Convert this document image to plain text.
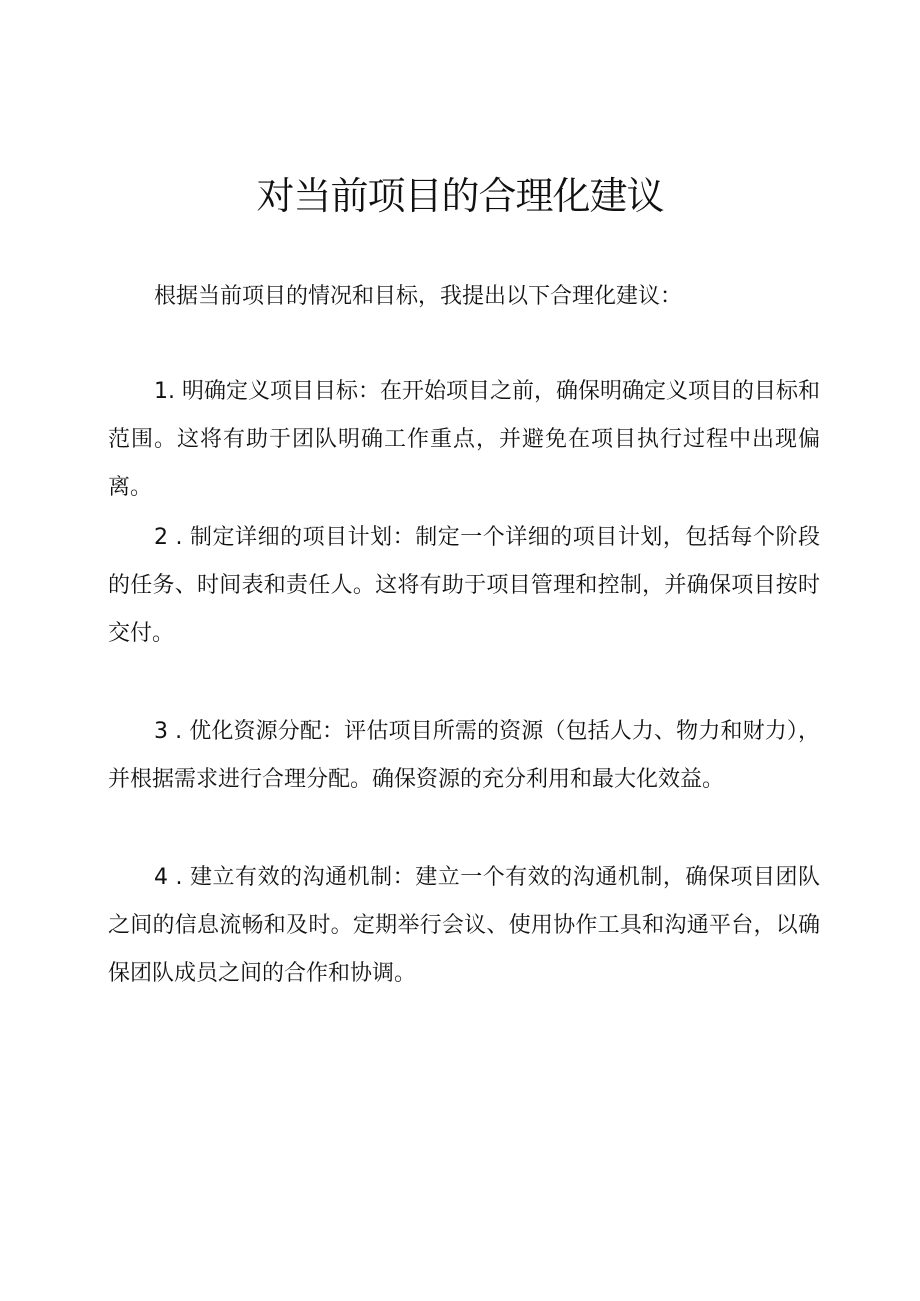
对当前项目的合理化建议

根据当前项目的情况和目标，我提出以下合理化建议：

1. 明确定义项目目标：在开始项目之前，确保明确定义项目的目标和范围。这将有助于团队明确工作重点，并避免在项目执行过程中出现偏离。

2 . 制定详细的项目计划：制定一个详细的项目计划，包括每个阶段的任务、时间表和责任人。这将有助于项目管理和控制，并确保项目按时交付。

3 . 优化资源分配：评估项目所需的资源（包括人力、物力和财力），并根据需求进行合理分配。确保资源的充分利用和最大化效益。

4 . 建立有效的沟通机制：建立一个有效的沟通机制，确保项目团队之间的信息流畅和及时。定期举行会议、使用协作工具和沟通平台，以确保团队成员之间的合作和协调。
